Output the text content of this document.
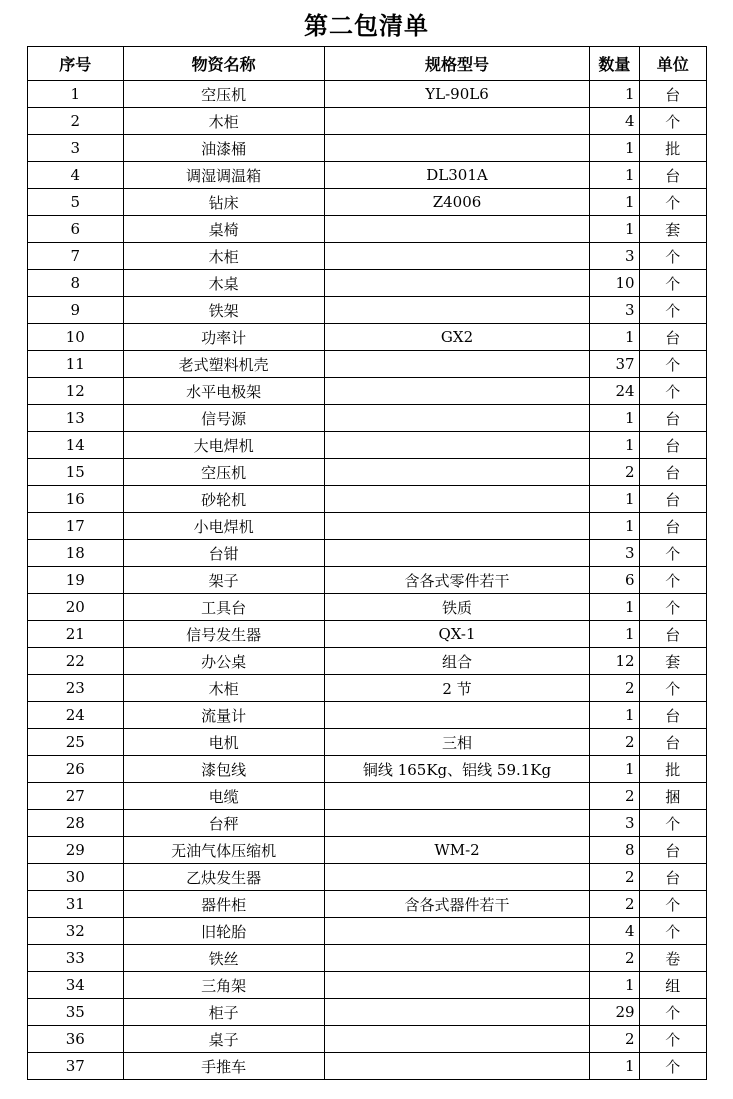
第二包清单
序号	物资名称	规格型号	数量	单位
1	空压机	YL-90L6	1	台
2	木柜		4	个
3	油漆桶		1	批
4	调湿调温箱	DL301A	1	台
5	钻床	Z4006	1	个
6	桌椅		1	套
7	木柜		3	个
8	木桌		10	个
9	铁架		3	个
10	功率计	GX2	1	台
11	老式塑料机壳		37	个
12	水平电极架		24	个
13	信号源		1	台
14	大电焊机		1	台
15	空压机		2	台
16	砂轮机		1	台
17	小电焊机		1	台
18	台钳		3	个
19	架子	含各式零件若干	6	个
20	工具台	铁质	1	个
21	信号发生器	QX-1	1	台
22	办公桌	组合	12	套
23	木柜	2 节	2	个
24	流量计		1	台
25	电机	三相	2	台
26	漆包线	铜线 165Kg、铝线 59.1Kg	1	批
27	电缆		2	捆
28	台秤		3	个
29	无油气体压缩机	WM-2	8	台
30	乙炔发生器		2	台
31	器件柜	含各式器件若干	2	个
32	旧轮胎		4	个
33	铁丝		2	卷
34	三角架		1	组
35	柜子		29	个
36	桌子		2	个
37	手推车		1	个
